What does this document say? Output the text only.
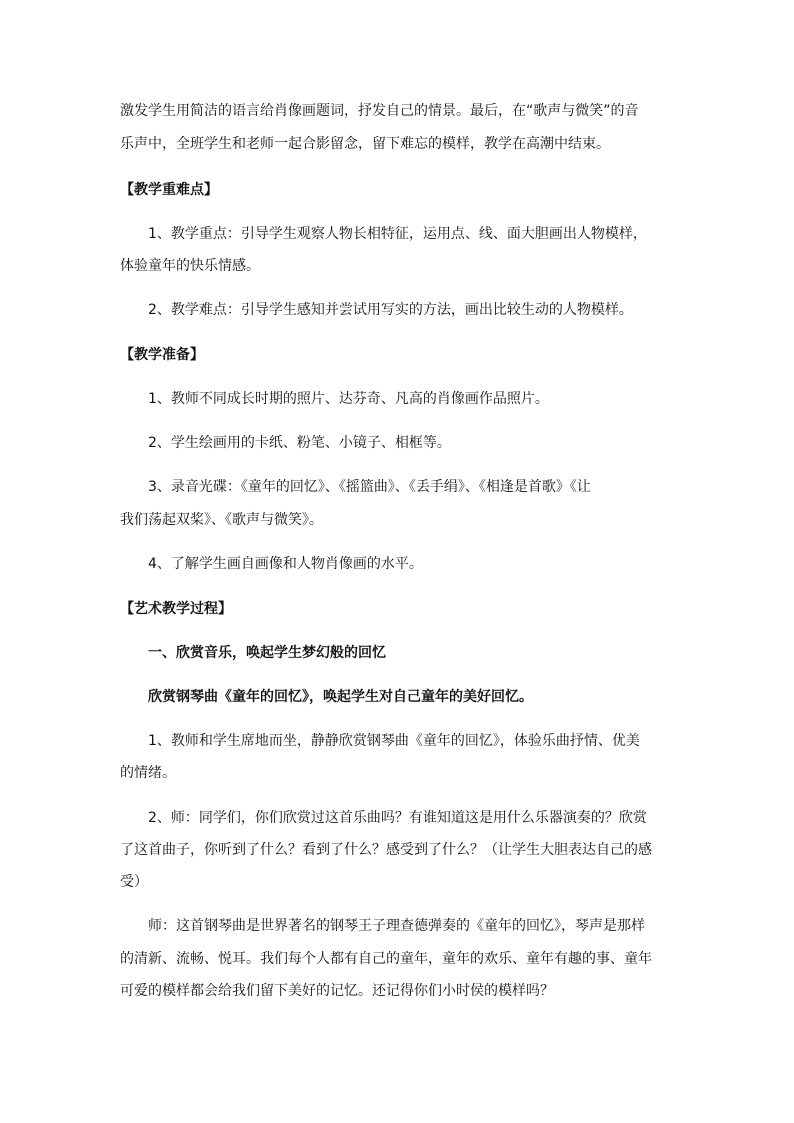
激发学生用简洁的语言给肖像画题词，抒发自己的情景。最后，在“歌声与微笑”的音
乐声中，全班学生和老师一起合影留念，留下难忘的模样，教学在高潮中结束。
【教学重难点】
1、教学重点：引导学生观察人物长相特征，运用点、线、面大胆画出人物模样，
体验童年的快乐情感。
2、教学难点：引导学生感知并尝试用写实的方法，画出比较生动的人物模样。
【教学准备】
1、教师不同成长时期的照片、达芬奇、凡高的肖像画作品照片。
2、学生绘画用的卡纸、粉笔、小镜子、相框等。
3、录音光碟：《童年的回忆》、《摇篮曲》、《丢手绢》、《相逢是首歌》《让
我们荡起双桨》、《歌声与微笑》。
4、了解学生画自画像和人物肖像画的水平。
【艺术教学过程】
一、欣赏音乐，唤起学生梦幻般的回忆
欣赏钢琴曲《童年的回忆》，唤起学生对自己童年的美好回忆。
1、教师和学生席地而坐，静静欣赏钢琴曲《童年的回忆》，体验乐曲抒情、优美
的情绪。
2、师：同学们，你们欣赏过这首乐曲吗？有谁知道这是用什么乐器演奏的？欣赏
了这首曲子，你听到了什么？看到了什么？感受到了什么？（让学生大胆表达自己的感
受）
师：这首钢琴曲是世界著名的钢琴王子理查德弹奏的《童年的回忆》，琴声是那样
的清新、流畅、悦耳。我们每个人都有自己的童年，童年的欢乐、童年有趣的事、童年
可爱的模样都会给我们留下美好的记忆。还记得你们小时侯的模样吗？
